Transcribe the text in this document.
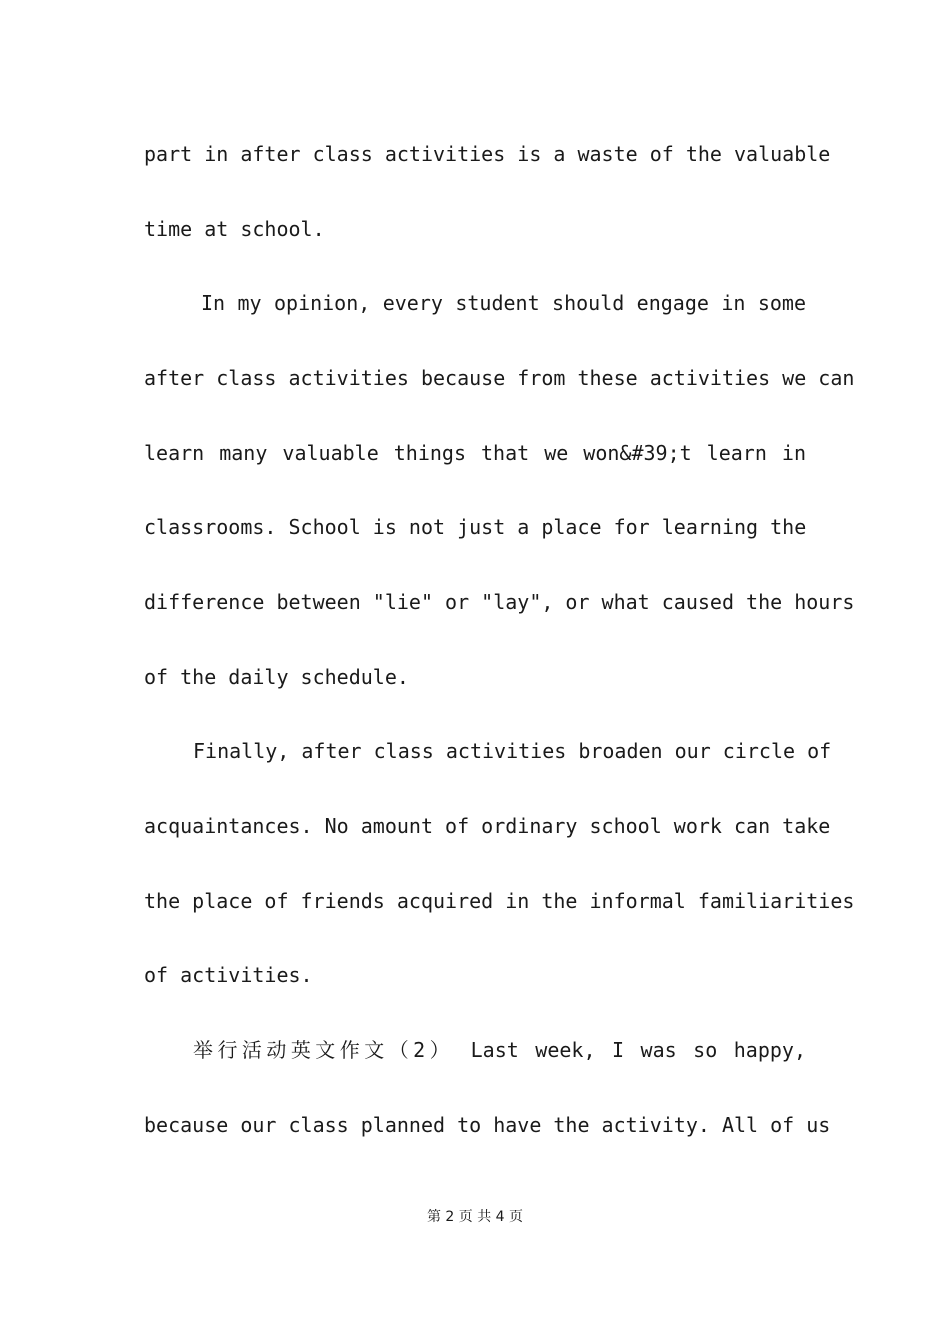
part in after class activities is a waste of the valuable
time at school.
In my opinion, every student should engage in some
after class activities because from these activities we can
learn many valuable things that we won&#39;t learn in
classrooms. School is not just a place for learning the
difference between "lie" or "lay", or what caused the hours
of the daily schedule.
Finally, after class activities broaden our circle of
acquaintances. No amount of ordinary school work can take
the place of friends acquired in the informal familiarities
of activities.
举行活动英文作文（2） Last week, I was so happy,
because our class planned to have the activity. All of us
第 2 页 共 4 页
